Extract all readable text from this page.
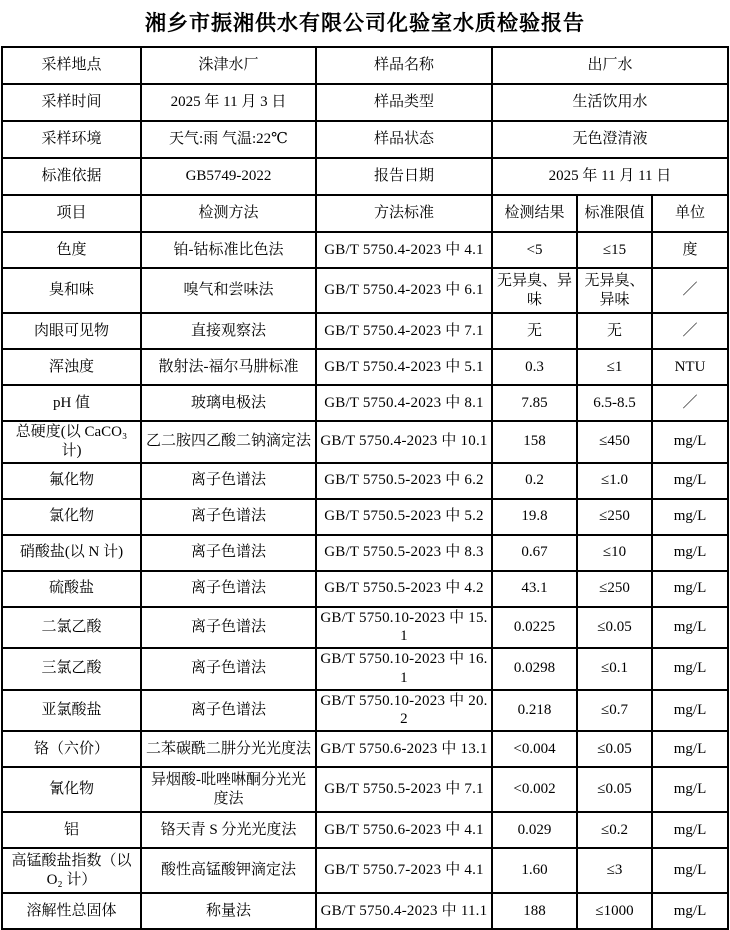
湘乡市振湘供水有限公司化验室水质检验报告
采样地点	洙津水厂	样品名称	出厂水		
采样时间	2025 年 11 月 3 日	样品类型	生活饮用水		
采样环境	天气:雨 气温:22℃	样品状态	无色澄清液		
标准依据	GB5749-2022	报告日期	2025 年 11 月 11 日		
项目	检测方法	方法标准	检测结果	标准限值	单位
色度	铂-钴标准比色法	GB/T 5750.4-2023 中 4.1	<5	≤15	度
臭和味	嗅气和尝味法	GB/T 5750.4-2023 中 6.1	无异臭、异味	无异臭、异味	／
肉眼可见物	直接观察法	GB/T 5750.4-2023 中 7.1	无	无	／
浑浊度	散射法-福尔马肼标准	GB/T 5750.4-2023 中 5.1	0.3	≤1	NTU
pH 值	玻璃电极法	GB/T 5750.4-2023 中 8.1	7.85	6.5-8.5	／
总硬度(以 CaCO₃ 计)	乙二胺四乙酸二钠滴定法	GB/T 5750.4-2023 中 10.1	158	≤450	mg/L
氟化物	离子色谱法	GB/T 5750.5-2023 中 6.2	0.2	≤1.0	mg/L
氯化物	离子色谱法	GB/T 5750.5-2023 中 5.2	19.8	≤250	mg/L
硝酸盐(以 N 计)	离子色谱法	GB/T 5750.5-2023 中 8.3	0.67	≤10	mg/L
硫酸盐	离子色谱法	GB/T 5750.5-2023 中 4.2	43.1	≤250	mg/L
二氯乙酸	离子色谱法	GB/T 5750.10-2023 中 15.1	0.0225	≤0.05	mg/L
三氯乙酸	离子色谱法	GB/T 5750.10-2023 中 16.1	0.0298	≤0.1	mg/L
亚氯酸盐	离子色谱法	GB/T 5750.10-2023 中 20.2	0.218	≤0.7	mg/L
铬（六价）	二苯碳酰二肼分光光度法	GB/T 5750.6-2023 中 13.1	<0.004	≤0.05	mg/L
氰化物	异烟酸-吡唑啉酮分光光度法	GB/T 5750.5-2023 中 7.1	<0.002	≤0.05	mg/L
铝	铬天青 S 分光光度法	GB/T 5750.6-2023 中 4.1	0.029	≤0.2	mg/L
高锰酸盐指数（以 O₂ 计）	酸性高锰酸钾滴定法	GB/T 5750.7-2023 中 4.1	1.60	≤3	mg/L
溶解性总固体	称量法	GB/T 5750.4-2023 中 11.1	188	≤1000	mg/L
